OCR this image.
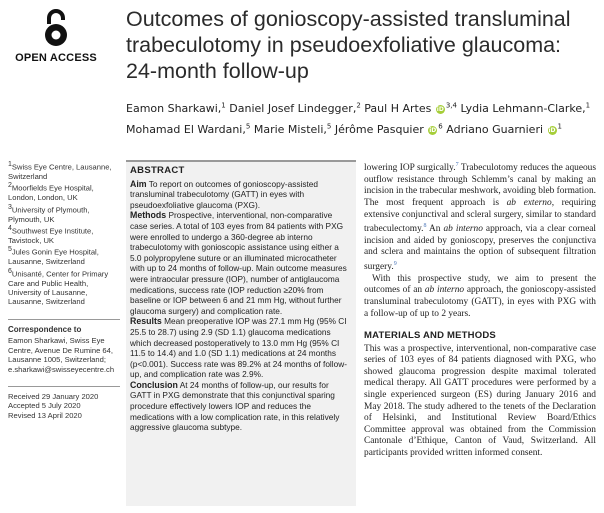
OPEN ACCESS
Outcomes of gonioscopy-assisted transluminal trabeculotomy in pseudoexfoliative glaucoma: 24-month follow-up

Eamon Sharkawi,$^1$ Daniel Josef Lindegger,$^2$ Paul H Artes iD$^{3,4}$ Lydia Lehmann-Clarke,$^1$ Mohamad El Wardani,$^5$ Marie Misteli,$^5$ Jérôme Pasquier $iD^6$ Adriano Guarnieri $iD^1$

$^1$Swiss Eye Centre, Lausanne, Switzerland

$^2$Moorfields Eye Hospital, London, London, UK

$^3$University of Plymouth, Plymouth, UK

$^4$Southwest Eye Institute, Tavistock, UK

$^5$Jules Gonin Eye Hospital, Lausanne, Switzerland

$^6$Unisanté, Center for Primary Care and Public Health, University of Lausanne, Lausanne, Switzerland

Correspondence to

Eamon Sharkawi, Swiss Eye Centre, Avenue De Rumine 64, Lausanne 1005, Switzerland; e.sharkawi@swisseyecentre.ch

Received 29 January 2020
Accepted 5 July 2020
Revised 13 April 2020
ABSTRACT

Aim To report on outcomes of gonioscopy-assisted transluminal trabeculotomy (GATT) in eyes with pseudoexfoliative glaucoma (PXG).

Methods Prospective, interventional, non-comparative case series. A total of 103 eyes from 84 patients with PXG were enrolled to undergo a 360-degree ab interno trabeculotomy with gonioscopic assistance using either a 5.0 polypropylene suture or an illuminated microcatheter with up to 24 months of follow-up. Main outcome measures were intraocular pressure (IOP), number of antiglaucoma medications, success rate (IOP reduction ≥20% from baseline or IOP between 6 and 21 mm Hg, without further glaucoma surgery) and complication rate.

Results Mean preoperative IOP was 27.1 mm Hg (95% CI 25.5 to 28.7) using 2.9 (SD 1.1) glaucoma medications which decreased postoperatively to 13.0 mm Hg (95% CI 11.5 to 14.4) and 1.0 (SD 1.1) medications at 24 months (p<0.001). Success rate was 89.2% at 24 months of follow-up, and complication rate was 2.9%.

Conclusion At 24 months of follow-up, our results for GATT in PXG demonstrate that this conjunctival sparing procedure effectively lowers IOP and reduces the medications with a low complication rate, in this relatively aggressive glaucoma subtype.

lowering IOP surgically.$^7$ Trabeculotomy reduces the aqueous outflow resistance through Schlemm’s canal by making an incision in the trabecular meshwork, avoiding bleb formation. The most frequent approach is ab externo, requiring extensive conjunctival and scleral surgery, similar to standard trabeculectomy.$^8$ An ab interno approach, via a clear corneal incision and aided by gonioscopy, preserves the conjunctiva and sclera and maintains the option of subsequent filtration surgery.$^9$

With this prospective study, we aim to present the outcomes of an ab interno approach, the gonioscopy-assisted transluminal trabeculotomy (GATT), in eyes with PXG with a follow-up of up to 2 years.

MATERIALS AND METHODS

This was a prospective, interventional, non-comparative case series of 103 eyes of 84 patients diagnosed with PXG, who showed glaucoma progression despite maximal tolerated medical therapy. All GATT procedures were performed by a single experienced surgeon (ES) during January 2016 and May 2018. The study adhered to the tenets of the Declaration of Helsinki, and Institutional Review Board/Ethics Committee approval was obtained from the Commission Cantonale d’Ethique, Canton of Vaud, Switzerland. All participants provided written informed consent.
